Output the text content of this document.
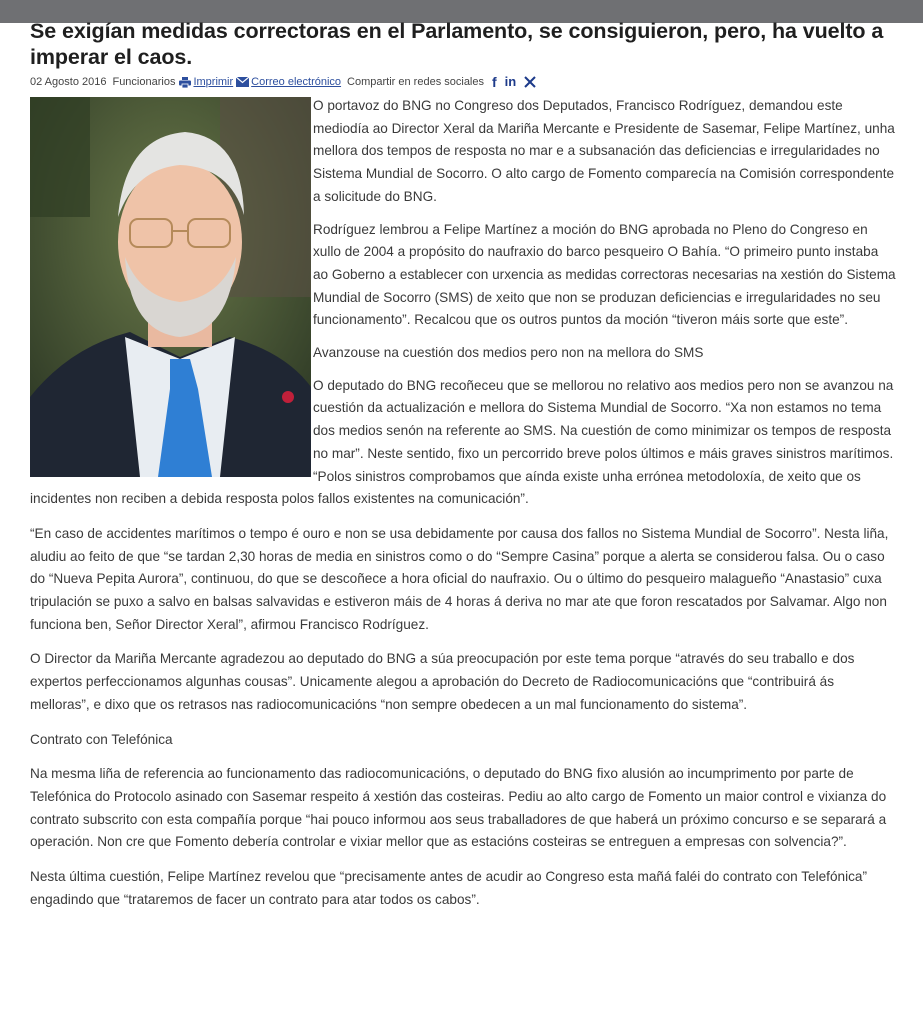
Se exigían medidas correctoras en el Parlamento, se consiguieron, pero, ha vuelto a imperar el caos.
02 Agosto 2016 Funcionarios Imprimir Correo electrónico Compartir en redes sociales f in

O portavoz do BNG no Congreso dos Deputados, Francisco Rodríguez, demandou este mediodía ao Director Xeral da Mariña Mercante e Presidente de Sasemar, Felipe Martínez, unha mellora dos tempos de resposta no mar e a subsanación das deficiencias e irregularidades no Sistema Mundial de Socorro. O alto cargo de Fomento comparecía na Comisión correspondente a solicitude do BNG.

Rodríguez lembrou a Felipe Martínez a moción do BNG aprobada no Pleno do Congreso en xullo de 2004 a propósito do naufraxio do barco pesqueiro O Bahía. “O primeiro punto instaba ao Goberno a establecer con urxencia as medidas correctoras necesarias na xestión do Sistema Mundial de Socorro (SMS) de xeito que non se produzan deficiencias e irregularidades no seu funcionamento”. Recalcou que os outros puntos da moción “tiveron máis sorte que este”.

Avanzouse na cuestión dos medios pero non na mellora do SMS

O deputado do BNG recoñeceu que se mellorou no relativo aos medios pero non se avanzou na cuestión da actualización e mellora do Sistema Mundial de Socorro. “Xa non estamos no tema dos medios senón na referente ao SMS. Na cuestión de como minimizar os tempos de resposta no mar”. Neste sentido, fixo un percorrido breve polos últimos e máis graves sinistros marítimos. “Polos sinistros comprobamos que aínda existe unha errónea metodoloxía, de xeito que os incidentes non reciben a debida resposta polos fallos existentes na comunicación”.

“En caso de accidentes marítimos o tempo é ouro e non se usa debidamente por causa dos fallos no Sistema Mundial de Socorro”. Nesta liña, aludiu ao feito de que “se tardan 2,30 horas de media en sinistros como o do “Sempre Casina” porque a alerta se considerou falsa. Ou o caso do “Nueva Pepita Aurora”, continuou, do que se descoñece a hora oficial do naufraxio. Ou o último do pesqueiro malagueño “Anastasio” cuxa tripulación se puxo a salvo en balsas salvavidas e estiveron máis de 4 horas á deriva no mar ate que foron rescatados por Salvamar. Algo non funciona ben, Señor Director Xeral”, afirmou Francisco Rodríguez.

O Director da Mariña Mercante agradezou ao deputado do BNG a súa preocupación por este tema porque “através do seu traballo e dos expertos perfeccionamos algunhas cousas”. Unicamente alegou a aprobación do Decreto de Radiocomunicacións que “contribuirá ás melloras”, e dixo que os retrasos nas radiocomunicacións “non sempre obedecen a un mal funcionamento do sistema”.

Contrato con Telefónica

Na mesma liña de referencia ao funcionamento das radiocomunicacións, o deputado do BNG fixo alusión ao incumprimento por parte de Telefónica do Protocolo asinado con Sasemar respeito á xestión das costeiras. Pediu ao alto cargo de Fomento un maior control e vixianza do contrato subscrito con esta compañía porque “hai pouco informou aos seus traballadores de que haberá un próximo concurso e se separará a operación. Non cre que Fomento debería controlar e vixiar mellor que as estacións costeiras se entreguen a empresas con solvencia?”.

Nesta última cuestión, Felipe Martínez revelou que “precisamente antes de acudir ao Congreso esta mañá faléi do contrato con Telefónica” engadindo que “trataremos de facer un contrato para atar todos os cabos”.
